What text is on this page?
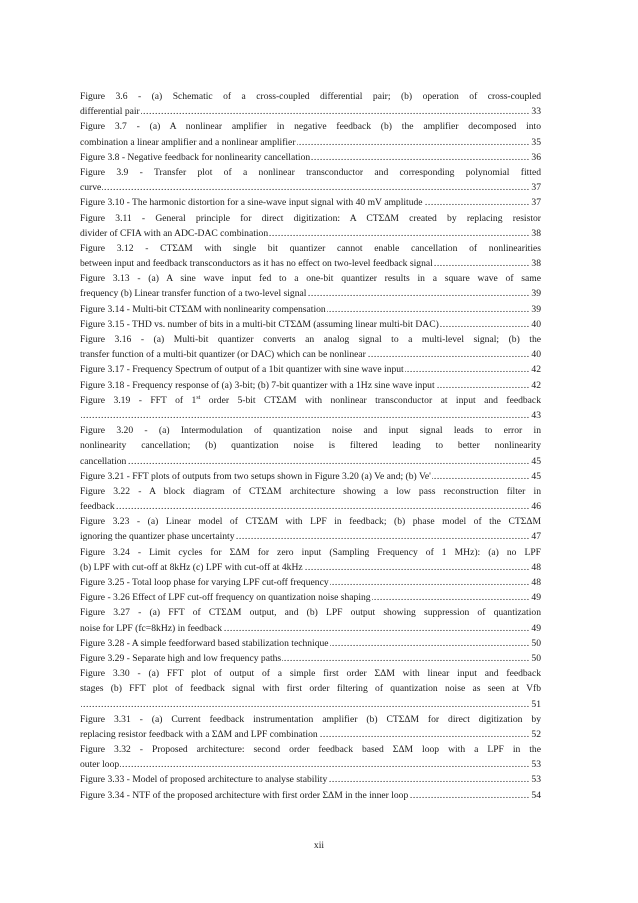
Figure 3.6 - (a) Schematic of a cross-coupled differential pair; (b) operation of cross-coupled
differential pair	33
.....
Figure 3.7 - (a) A nonlinear amplifier in negative feedback (b) the amplifier decomposed into
combination a linear amplifier and a nonlinear amplifier	35
.....
Figure 3.8 - Negative feedback for nonlinearity cancellation	36
.....
Figure 3.9 - Transfer plot of a nonlinear transconductor and corresponding polynomial fitted
curve	37
.....
Figure 3.10 - The harmonic distortion for a sine-wave input signal with 40 mV amplitude	37
.....
Figure 3.11 - General principle for direct digitization: A CTΣΔM created by replacing resistor
divider of CFIA with an ADC-DAC combination	38
.....
Figure 3.12 - CTΣΔM with single bit quantizer cannot enable cancellation of nonlinearities
between input and feedback transconductors as it has no effect on two-level feedback signal	38
.....
Figure 3.13 - (a) A sine wave input fed to a one-bit quantizer results in a square wave of same
frequency (b) Linear transfer function of a two-level signal	39
.....
Figure 3.14 - Multi-bit CTΣΔM with nonlinearity compensation	39
.....
Figure 3.15 - THD vs. number of bits in a multi-bit CTΣΔM (assuming linear multi-bit DAC)	40
.....
Figure 3.16 - (a) Multi-bit quantizer converts an analog signal to a multi-level signal; (b) the
transfer function of a multi-bit quantizer (or DAC) which can be nonlinear	40
.....
Figure 3.17 - Frequency Spectrum of output of a 1bit quantizer with sine wave input	42
.....
Figure 3.18 - Frequency response of (a) 3-bit; (b) 7-bit quantizer with a 1Hz sine wave input	42
.....
Figure 3.19 - FFT of 1st order 5-bit CTΣΔM with nonlinear transconductor at input and feedback
43
.....
Figure 3.20 - (a) Intermodulation of quantization noise and input signal leads to error in
nonlinearity cancellation; (b) quantization noise is filtered leading to better nonlinearity
cancellation	45
.....
Figure 3.21 - FFT plots of outputs from two setups shown in Figure 3.20 (a) Ve and; (b) Ve'	45
.....
Figure 3.22 - A block diagram of CTΣΔM architecture showing a low pass reconstruction filter in
feedback	46
.....
Figure 3.23 - (a) Linear model of CTΣΔM with LPF in feedback; (b) phase model of the CTΣΔM
ignoring the quantizer phase uncertainty	47
.....
Figure 3.24 - Limit cycles for ΣΔM for zero input (Sampling Frequency of 1 MHz): (a) no LPF
(b) LPF with cut-off at 8kHz (c) LPF with cut-off at 4kHz	48
.....
Figure 3.25 - Total loop phase for varying LPF cut-off frequency	48
.....
Figure - 3.26 Effect of LPF cut-off frequency on quantization noise shaping	49
.....
Figure 3.27 - (a) FFT of CTΣΔM output, and (b) LPF output showing suppression of quantization
noise for LPF (fc=8kHz) in feedback	49
.....
Figure 3.28 - A simple feedforward based stabilization technique	50
.....
Figure 3.29 - Separate high and low frequency paths	50
.....
Figure 3.30 - (a) FFT plot of output of a simple first order ΣΔM with linear input and feedback
stages (b) FFT plot of feedback signal with first order filtering of quantization noise as seen at Vfb
51
.....
Figure 3.31 - (a) Current feedback instrumentation amplifier (b) CTΣΔM for direct digitization by
replacing resistor feedback with a ΣΔM and LPF combination	52
.....
Figure 3.32 - Proposed architecture: second order feedback based ΣΔM loop with a LPF in the
outer loop	53
.....
Figure 3.33 - Model of proposed architecture to analyse stability	53
.....
Figure 3.34 - NTF of the proposed architecture with first order ΣΔM in the inner loop	54
.....
xii
